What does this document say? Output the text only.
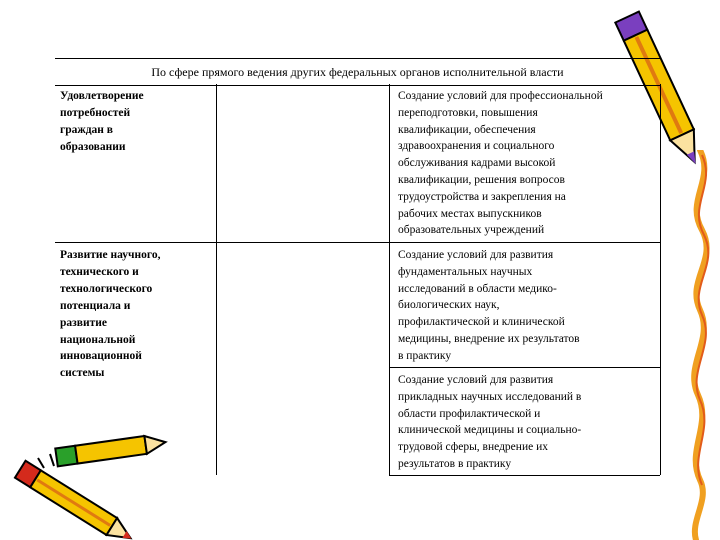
По сфере прямого ведения других федеральных органов исполнительной власти
Удовлетворение
потребностей
граждан в
образовании
Создание условий для профессиональной
переподготовки, повышения
квалификации, обеспечения
здравоохранения и социального
обслуживания кадрами высокой
квалификации, решения вопросов
трудоустройства и закрепления на
рабочих местах выпускников
образовательных учреждений
Развитие научного,
технического и
технологического
потенциала и
развитие
национальной
инновационной
системы
Создание условий для развития
фундаментальных научных
исследований в области медико-
биологических наук,
профилактической и клинической
медицины, внедрение их результатов
в практику
Создание условий для развития
прикладных научных исследований в
области профилактической и
клинической медицины и социально-
трудовой сферы, внедрение их
результатов в практику
